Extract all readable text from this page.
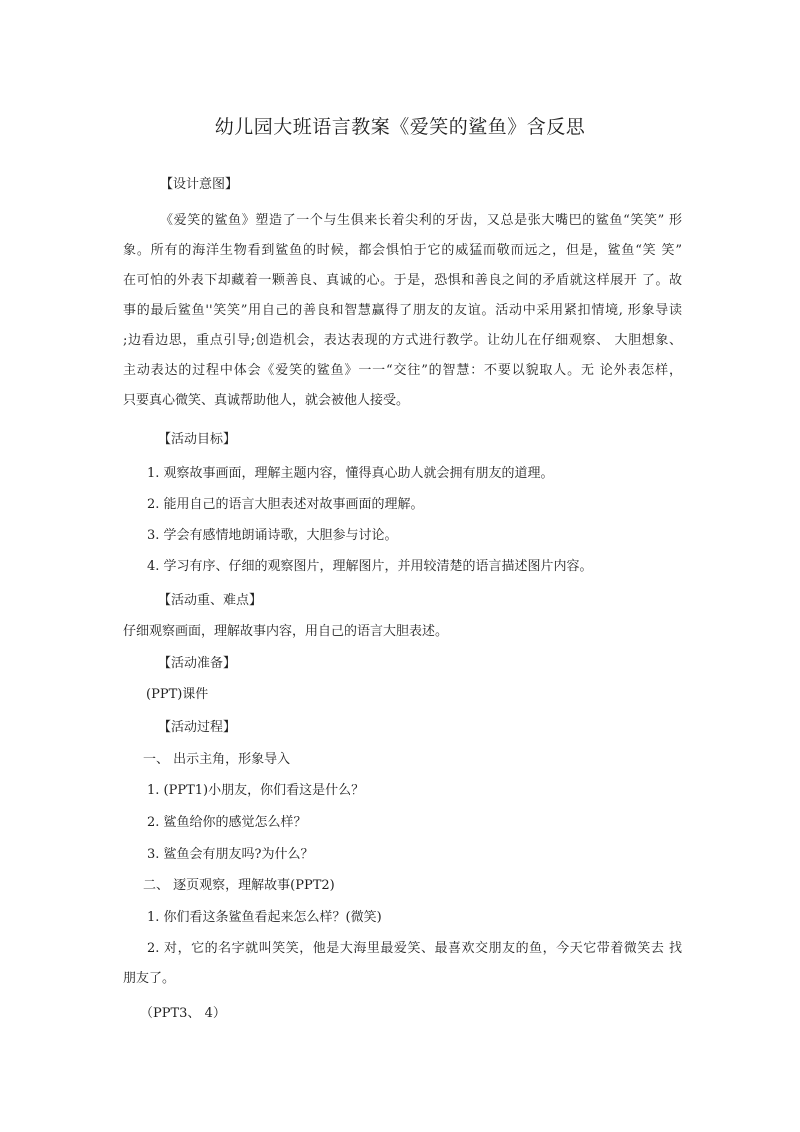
幼儿园大班语言教案《爱笑的鲨鱼》含反思
【设计意图】
《爱笑的鲨鱼》塑造了一个与生俱来长着尖利的牙齿，又总是张大嘴巴的鲨鱼“笑笑” 形
象。所有的海洋生物看到鲨鱼的时候，都会惧怕于它的威猛而敬而远之，但是，鲨鱼“笑 笑”
在可怕的外表下却藏着一颗善良、真诚的心。于是，恐惧和善良之间的矛盾就这样展开 了。故
事的最后鲨鱼''笑笑”用自己的善良和智慧赢得了朋友的友谊。活动中采用紧扣情境, 形象导读
;边看边思，重点引导;创造机会，表达表现的方式进行教学。让幼儿在仔细观察、 大胆想象、
主动表达的过程中体会《爱笑的鲨鱼》一一“交往”的智慧：不要以貌取人。无 论外表怎样，
只要真心微笑、真诚帮助他人，就会被他人接受。
【活动目标】
1. 观察故事画面，理解主题内容，懂得真心助人就会拥有朋友的道理。
2. 能用自己的语言大胆表述对故事画面的理解。
3. 学会有感情地朗诵诗歌，大胆参与讨论。
4. 学习有序、仔细的观察图片，理解图片，并用较清楚的语言描述图片内容。
【活动重、难点】
仔细观察画面，理解故事内容，用自己的语言大胆表述。
【活动准备】
(PPT)课件
【活动过程】
一、 出示主角，形象导入
1. (PPT1)小朋友，你们看这是什么？
2. 鲨鱼给你的感觉怎么样？
3. 鲨鱼会有朋友吗?为什么？
二、 逐页观察，理解故事(PPT2)
1. 你们看这条鲨鱼看起来怎么样？(微笑)
2. 对，它的名字就叫笑笑，他是大海里最爱笑、最喜欢交朋友的鱼，今天它带着微笑去 找
朋友了。
（PPT3、 4）
